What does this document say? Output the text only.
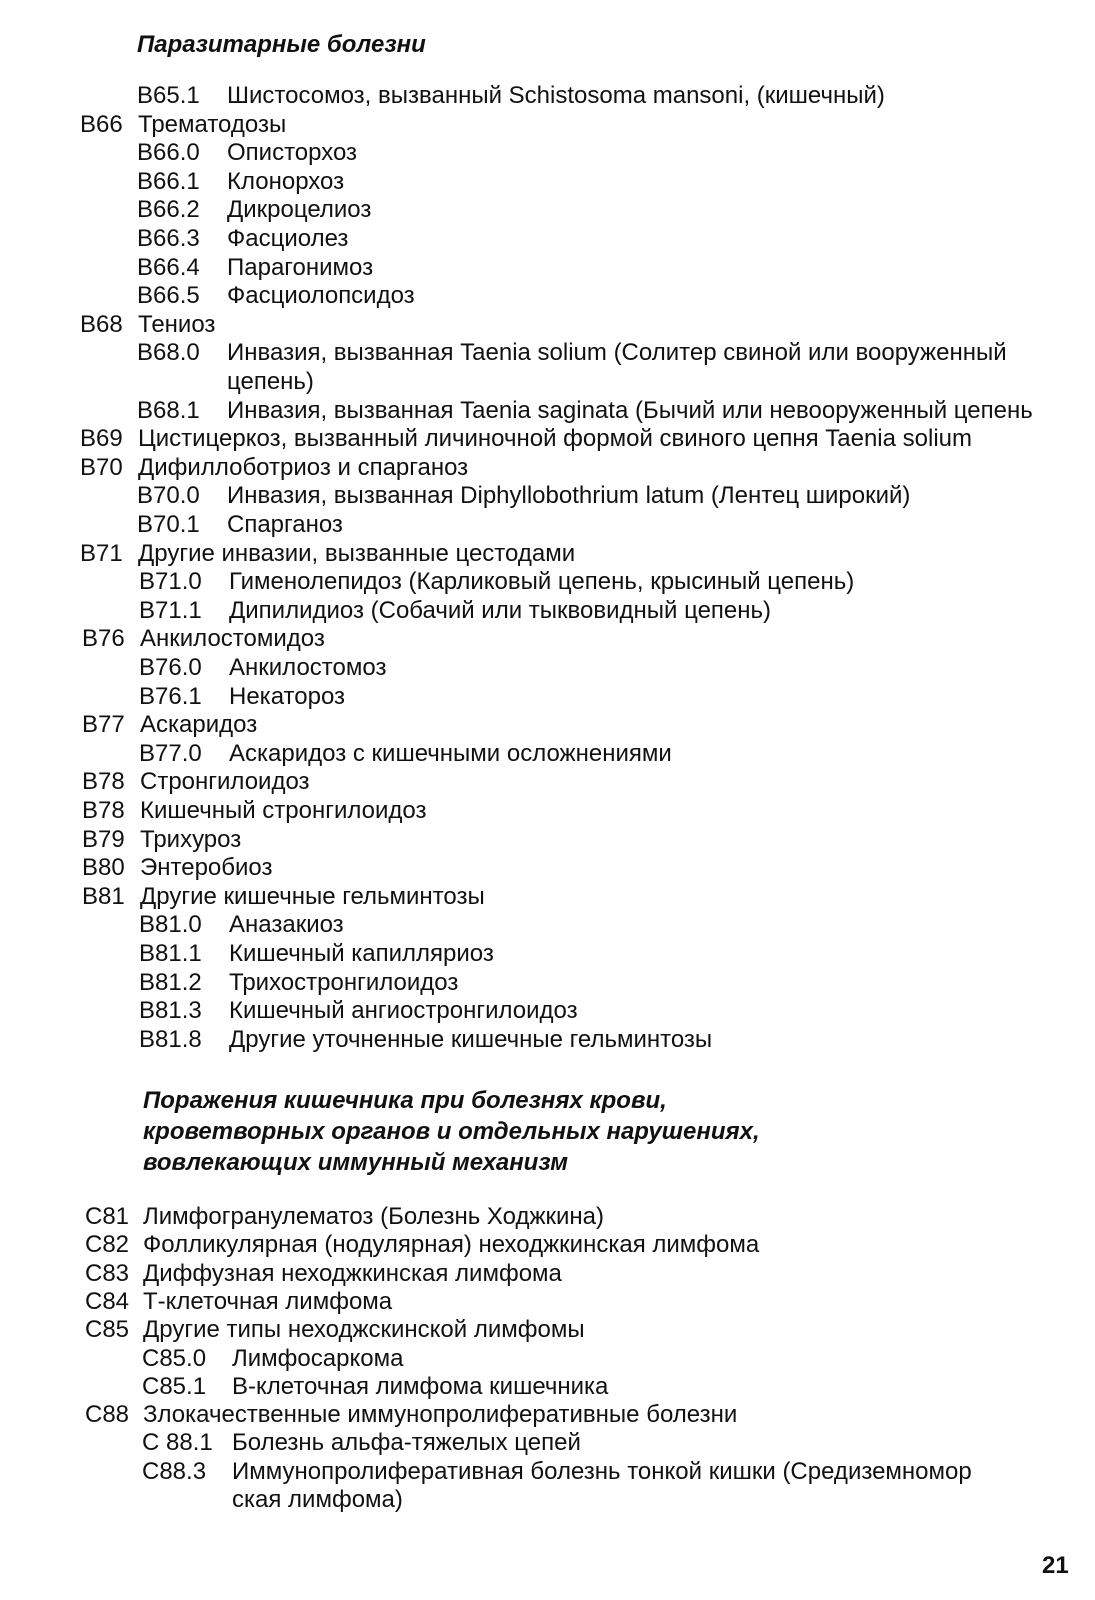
Паразитарные болезни
B65.1 Шистосомоз, вызванный Schistosoma mansoni, (кишечный)
B66 Трематодозы
B66.0 Описторхоз
B66.1 Клонорхоз
B66.2 Дикроцелиоз
B66.3 Фасциолез
B66.4 Парагонимоз
B66.5 Фасциолопсидоз
B68 Тениоз
B68.0 Инвазия, вызванная Taenia solium (Солитер свиной или вооруженный
цепень)
B68.1 Инвазия, вызванная Taenia saginata (Бычий или невооруженный цепень
B69 Цистицеркоз, вызванный личиночной формой свиного цепня Taenia solium
B70 Дифиллоботриоз и спарганоз
B70.0 Инвазия, вызванная Diphyllobothrium latum (Лентец широкий)
B70.1 Спарганоз
B71 Другие инвазии, вызванные цестодами
B71.0 Гименолепидоз (Карликовый цепень, крысиный цепень)
B71.1 Дипилидиоз (Собачий или тыквовидный цепень)
B76 Анкилостомидоз
B76.0 Анкилостомоз
B76.1 Некатороз
B77 Аскаридоз
B77.0 Аскаридоз с кишечными осложнениями
B78 Стронгилоидоз
B78 Кишечный стронгилоидоз
B79 Трихуроз
B80 Энтеробиоз
B81 Другие кишечные гельминтозы
B81.0 Аназакиоз
B81.1 Кишечный капилляриоз
B81.2 Трихостронгилоидоз
B81.3 Кишечный ангиостронгилоидоз
B81.8 Другие уточненные кишечные гельминтозы
Поражения кишечника при болезнях крови,
кроветворных органов и отдельных нарушениях,
вовлекающих иммунный механизм
C81 Лимфогранулематоз (Болезнь Ходжкина)
C82 Фолликулярная (нодулярная) неходжкинская лимфома
C83 Диффузная неходжкинская лимфома
C84 Т-клеточная лимфома
C85 Другие типы неходжскинской лимфомы
C85.0 Лимфосаркома
C85.1 В-клеточная лимфома кишечника
C88 Злокачественные иммунопролиферативные болезни
C 88.1 Болезнь альфа-тяжелых цепей
C88.3 Иммунопролиферативная болезнь тонкой кишки (Средиземномор
ская лимфома)
21
